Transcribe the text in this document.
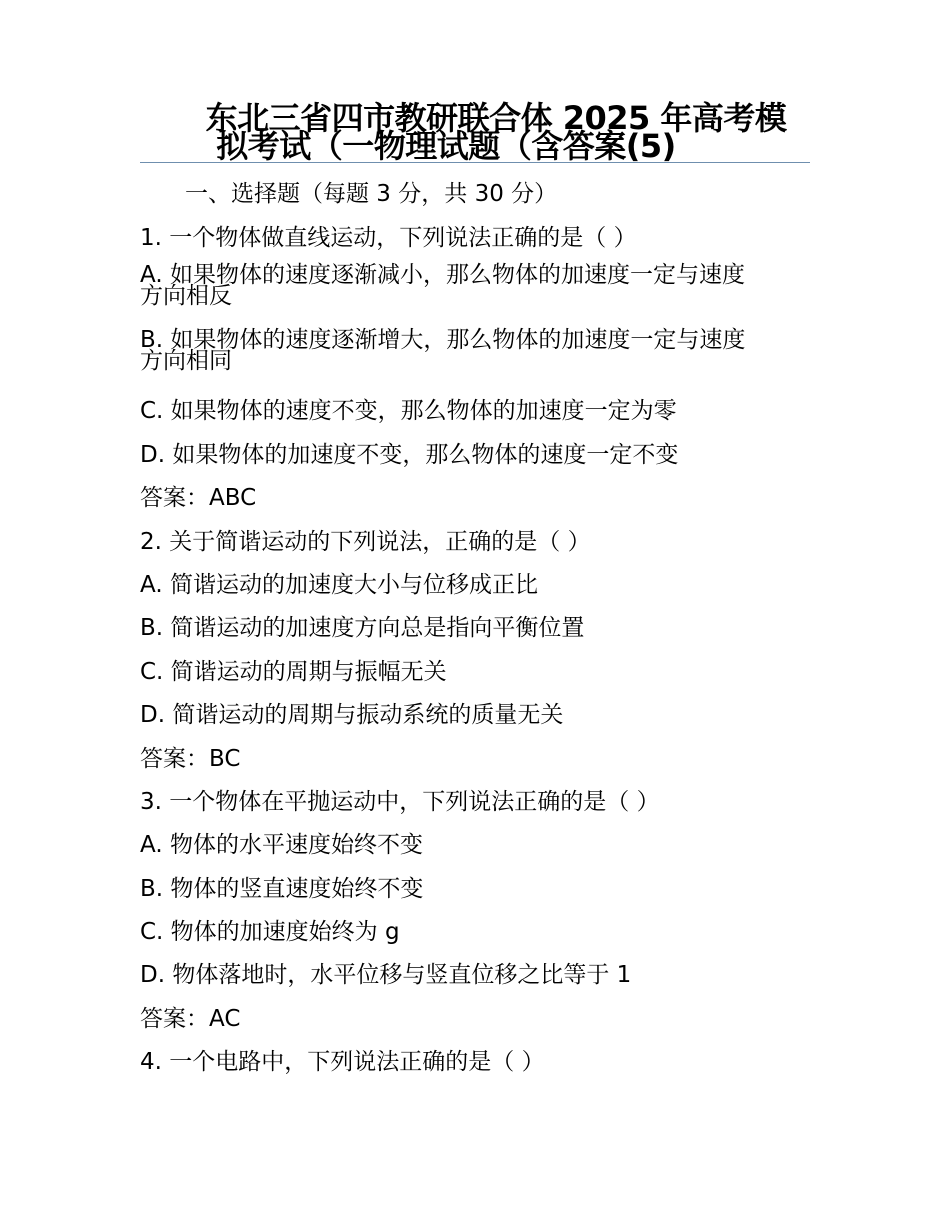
东北三省四市教研联合体 2025 年高考模
拟考试（一物理试题（含答案(5)
一、选择题（每题 3 分，共 30 分）
1. 一个物体做直线运动，下列说法正确的是（ ）
A. 如果物体的速度逐渐减小，那么物体的加速度一定与速度
方向相反
B. 如果物体的速度逐渐增大，那么物体的加速度一定与速度
方向相同
C. 如果物体的速度不变，那么物体的加速度一定为零
D. 如果物体的加速度不变，那么物体的速度一定不变
答案：ABC
2. 关于简谐运动的下列说法，正确的是（ ）
A. 简谐运动的加速度大小与位移成正比
B. 简谐运动的加速度方向总是指向平衡位置
C. 简谐运动的周期与振幅无关
D. 简谐运动的周期与振动系统的质量无关
答案：BC
3. 一个物体在平抛运动中，下列说法正确的是（ ）
A. 物体的水平速度始终不变
B. 物体的竖直速度始终不变
C. 物体的加速度始终为 g
D. 物体落地时，水平位移与竖直位移之比等于 1
答案：AC
4. 一个电路中，下列说法正确的是（ ）
